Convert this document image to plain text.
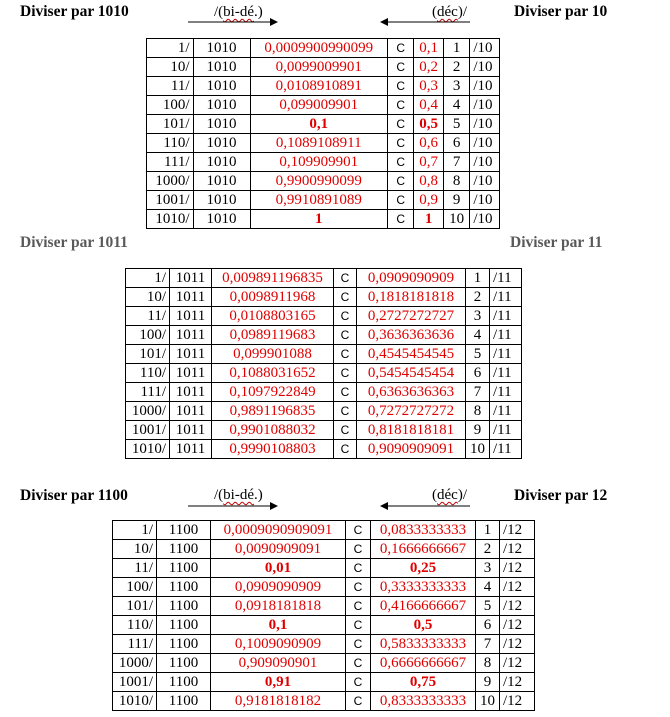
Diviser par 1010	Diviser par 10
/(bi-dé.)	(déc)/
1/	1010	0,0009900990099	C	0,1	1	/10
10/	1010	0,0099009901	C	0,2	2	/10
11/	1010	0,0108910891	C	0,3	3	/10
100/	1010	0,099009901	C	0,4	4	/10
101/	1010	0,1	C	0,5	5	/10
110/	1010	0,1089108911	C	0,6	6	/10
111/	1010	0,109909901	C	0,7	7	/10
1000/	1010	0,9900990099	C	0,8	8	/10
1001/	1010	0,9910891089	C	0,9	9	/10
1010/	1010	1	C	1	10	/10
Diviser par 1011	Diviser par 11
1/	1011	0,009891196835	C	0,0909090909	1	/11
10/	1011	0,0098911968	C	0,1818181818	2	/11
11/	1011	0,0108803165	C	0,2727272727	3	/11
100/	1011	0,0989119683	C	0,3636363636	4	/11
101/	1011	0,099901088	C	0,4545454545	5	/11
110/	1011	0,1088031652	C	0,5454545454	6	/11
111/	1011	0,1097922849	C	0,6363636363	7	/11
1000/	1011	0,9891196835	C	0,7272727272	8	/11
1001/	1011	0,9901088032	C	0,8181818181	9	/11
1010/	1011	0,9990108803	C	0,9090909091	10	/11
Diviser par 1100	Diviser par 12
/(bi-dé.)	(déc)/
1/	1100	0,0009090909091	C	0,0833333333	1	/12
10/	1100	0,0090909091	C	0,1666666667	2	/12
11/	1100	0,01	C	0,25	3	/12
100/	1100	0,0909090909	C	0,3333333333	4	/12
101/	1100	0,0918181818	C	0,4166666667	5	/12
110/	1100	0,1	C	0,5	6	/12
111/	1100	0,1009090909	C	0,5833333333	7	/12
1000/	1100	0,909090901	C	0,6666666667	8	/12
1001/	1100	0,91	C	0,75	9	/12
1010/	1100	0,9181818182	C	0,8333333333	10	/12
